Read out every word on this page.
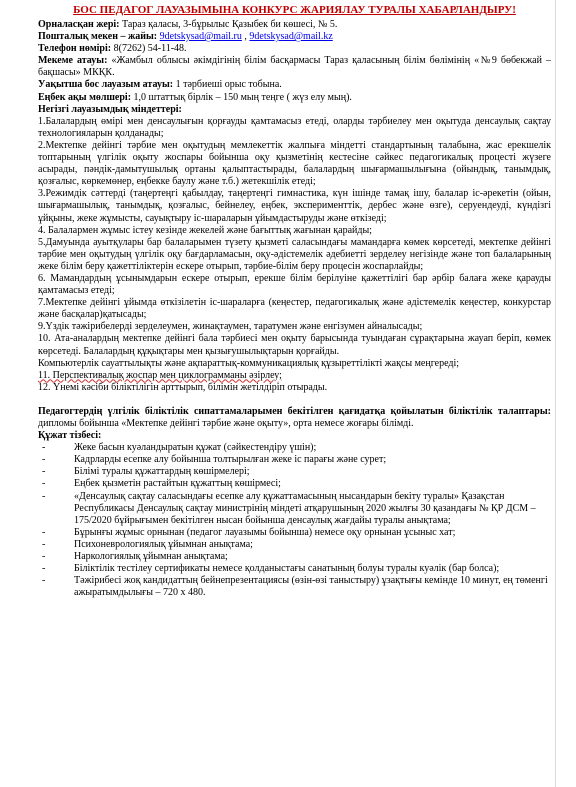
БОС ПЕДАГОГ ЛАУАЗЫМЫНА КОНКУРС ЖАРИЯЛАУ ТУРАЛЫ ХАБАРЛАНДЫРУ!
Орналасқан жері: Тараз қаласы, 3-бұрылыс Қазыбек би көшесі, № 5.
Пошталық мекен – жайы: 9detskysad@mail.ru , 9detskysad@mail.kz
Телефон нөмірі: 8(7262) 54-11-48.
Мекеме атауы: «Жамбыл облысы әкімдігінің білім басқармасы Тараз қаласының білім бөлімінің «№9 бөбекжай – бақшасы» МКҚК.
Уақытша бос лауазым атауы: 1 тәрбиеші орыс тобына.
Еңбек ақы мөлшері: 1,0 штаттық бірлік – 150 мың теңге ( жүз елу мың).
Негізгі лауазымдық міндеттері:
1.Балалардың өмірі мен денсаулығын қорғауды қамтамасыз етеді, оларды тәрбиелеу мен оқытуда денсаулық сақтау технологияларын қолданады;
2.Мектепке дейінгі тәрбие мен оқытудың мемлекеттік жалпыға міндетті стандартының талабына, жас ерекшелік топтарының үлгілік оқыту жоспары бойынша оқу қызметінің кестесіне сәйкес педагогикалық процесті жүзеге асырады, пәндік-дамытушылық ортаны қалыптастырады, балалардың шығармашылығына (ойындық, танымдық, қозғалыс, көркемөнер, еңбекке баулу және т.б.) жетекшілік етеді;
3.Режимдік сәттерді (таңертеңгі қабылдау, таңертеңгі гимнастика, күн ішінде тамақ ішу, балалар іс-әрекетін (ойын, шығармашылық, танымдық, қозғалыс, бейнелеу, еңбек, эксперименттік, дербес және өзге), серуендеуді, күндізгі ұйқыны, жеке жұмысты, сауықтыру іс-шараларын ұйымдастыруды және өткізеді;
4. Балалармен жұмыс істеу кезінде жекелей және бағыттық жағынан қарайды;
5.Дамуында ауытқулары бар балаларымен түзету қызметі саласындағы мамандарға көмек көрсетеді, мектепке дейінгі тәрбие мен оқытудың үлгілік оқу бағдарламасын, оқу-әдістемелік әдебиетті зерделеу негізінде және топ балаларының жеке білім беру қажеттіліктерін ескере отырып, тәрбие-білім беру процесін жоспарлайды;
6. Мамандардың ұсынымдарын ескере отырып, ерекше білім берілуіне қажеттілігі бар әрбір балаға жеке қарауды қамтамасыз етеді;
7.Мектепке дейінгі ұйымда өткізілетін іс-шараларға (кеңестер, педагогикалық және әдістемелік кеңестер, конкурстар және басқалар)қатысады;
9.Үздік тәжірибелерді зерделеумен, жинақтаумен, таратумен және енгізумен айналысады;
10. Ата-аналардың мектепке дейінгі бала тәрбиесі мен оқыту барысында туындаған сұрақтарына жауап беріп, көмек көрсетеді. Балалардың құқықтары мен қызығушылықтарын қорғайды.
Компьютерлік сауаттылықты және ақпараттық-коммуникациялық құзыреттілікті жақсы меңгереді;
11. Перспективалық жоспар мен циклограмманы әзірлеу;
12. Үнемі кәсіби біліктілігін арттырып, білімін жетілдіріп отырады.
Педагогтердің үлгілік біліктілік сипаттамаларымен бекітілген қағидатқа қойылатын біліктілік талаптары: дипломы бойынша «Мектепке дейінгі тәрбие және оқыту», орта немесе жоғары білімді.
Құжат тізбесі:
-	Жеке басын куәландыратын құжат (сәйкестендіру үшін);
-	Кадрларды есепке алу бойынша толтырылған жеке іс парағы және сурет;
-	Білімі туралы құжаттардың көшірмелері;
-	Еңбек қызметін растайтын құжаттың көшірмесі;
-	«Денсаулық сақтау саласындағы есепке алу құжаттамасының нысандарын бекіту туралы» Қазақстан Республикасы Денсаулық сақтау министрінің міндеті атқарушының 2020 жылғы 30 қазандағы № ҚР ДСМ – 175/2020 бұйрығымен бекітілген нысан бойынша денсаулық жағдайы туралы анықтама;
-	Бұрынғы жұмыс орнынан (педагог лауазымы бойынша) немесе оқу орнынан ұсыныс хат;
-	Психоневрологиялық ұйымнан анықтама;
-	Наркологиялық ұйымнан анықтама;
-	Біліктілік тестілеу сертификаты немесе қолданыстағы санатының болуы туралы куәлік (бар болса);
-	Тәжірибесі жоқ кандидаттың бейнепрезентациясы (өзін-өзі таныстыру) ұзақтығы кемінде 10 минут, ең төменгі ажыратымдылығы – 720 х 480.
